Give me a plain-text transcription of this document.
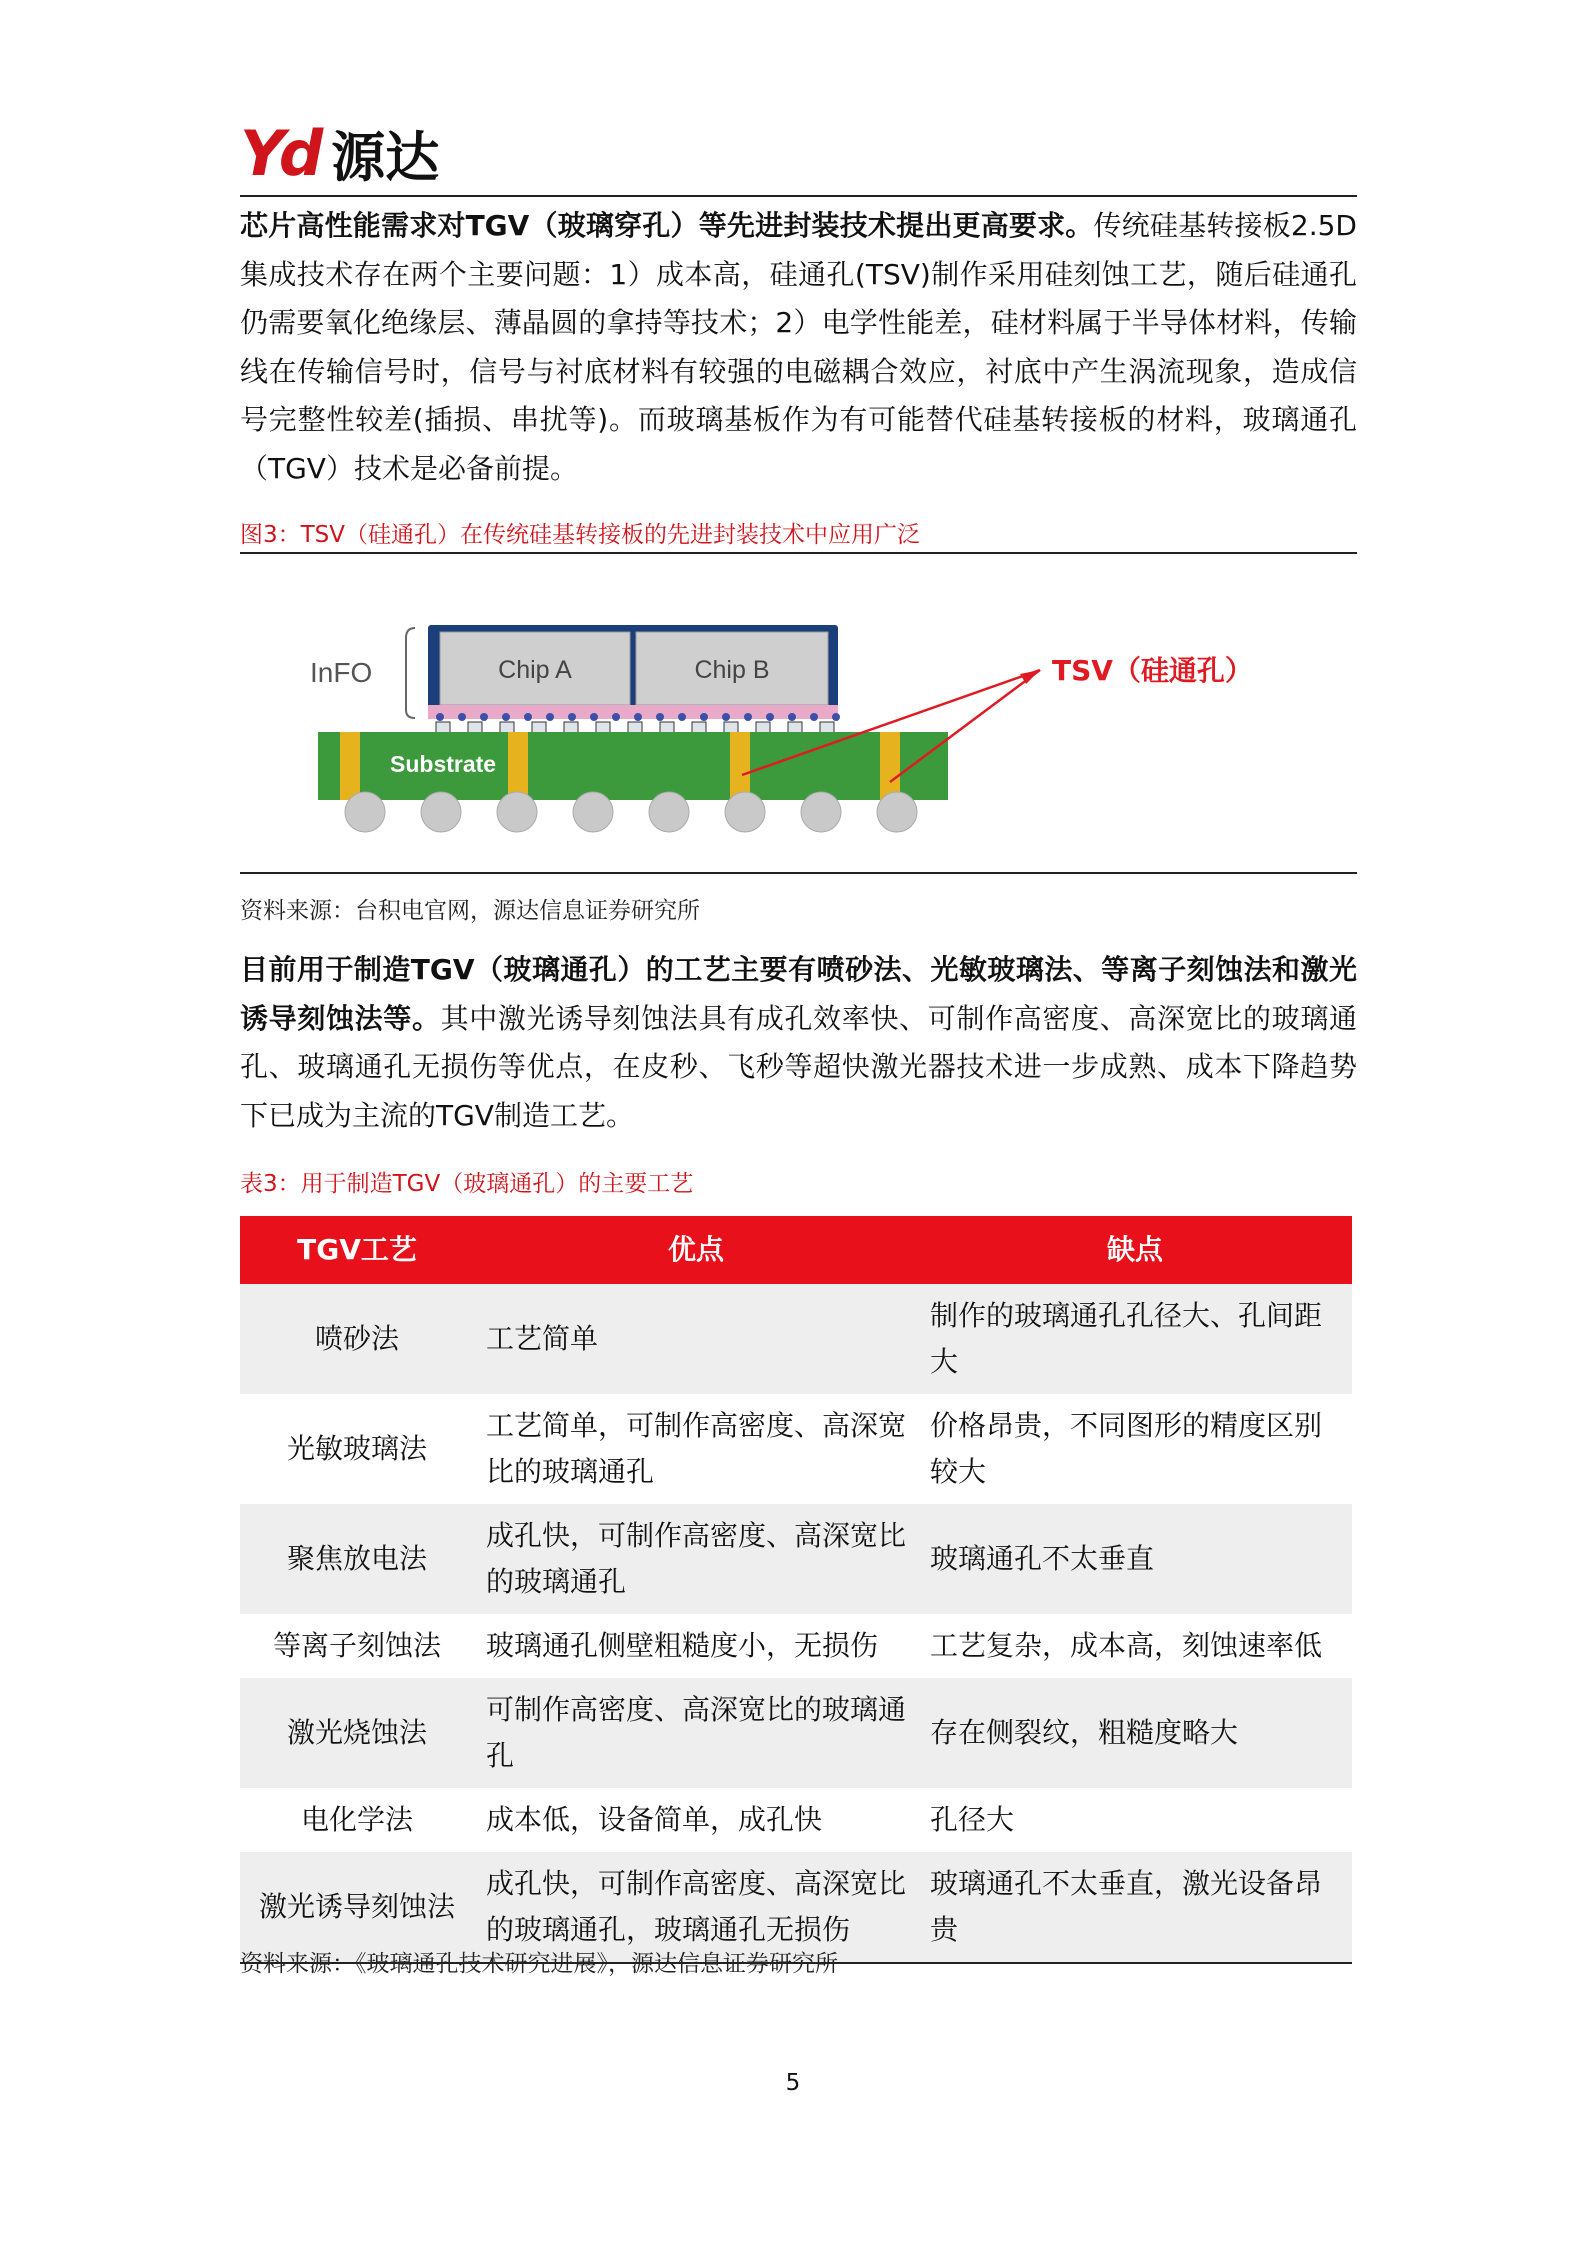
Yd 源达
芯片高性能需求对TGV（玻璃穿孔）等先进封装技术提出更高要求。传统硅基转接板2.5D集成技术存在两个主要问题：1）成本高，硅通孔(TSV)制作采用硅刻蚀工艺，随后硅通孔仍需要氧化绝缘层、薄晶圆的拿持等技术；2）电学性能差，硅材料属于半导体材料，传输线在传输信号时，信号与衬底材料有较强的电磁耦合效应，衬底中产生涡流现象，造成信号完整性较差(插损、串扰等)。而玻璃基板作为有可能替代硅基转接板的材料，玻璃通孔（TGV）技术是必备前提。
图3：TSV（硅通孔）在传统硅基转接板的先进封装技术中应用广泛
InFO	Chip A	Chip B
Substrate
TSV（硅通孔）
资料来源：台积电官网，源达信息证券研究所
目前用于制造TGV（玻璃通孔）的工艺主要有喷砂法、光敏玻璃法、等离子刻蚀法和激光诱导刻蚀法等。其中激光诱导刻蚀法具有成孔效率快、可制作高密度、高深宽比的玻璃通孔、玻璃通孔无损伤等优点，在皮秒、飞秒等超快激光器技术进一步成熟、成本下降趋势下已成为主流的TGV制造工艺。
表3：用于制造TGV（玻璃通孔）的主要工艺
TGV工艺	优点	缺点
喷砂法	工艺简单	制作的玻璃通孔孔径大、孔间距大
光敏玻璃法	工艺简单，可制作高密度、高深宽比的玻璃通孔	价格昂贵，不同图形的精度区别较大
聚焦放电法	成孔快，可制作高密度、高深宽比的玻璃通孔	玻璃通孔不太垂直
等离子刻蚀法	玻璃通孔侧壁粗糙度小，无损伤	工艺复杂，成本高，刻蚀速率低
激光烧蚀法	可制作高密度、高深宽比的玻璃通孔	存在侧裂纹，粗糙度略大
电化学法	成本低，设备简单，成孔快	孔径大
激光诱导刻蚀法	成孔快，可制作高密度、高深宽比的玻璃通孔，玻璃通孔无损伤	玻璃通孔不太垂直，激光设备昂贵
资料来源：《玻璃通孔技术研究进展》，源达信息证券研究所
5
